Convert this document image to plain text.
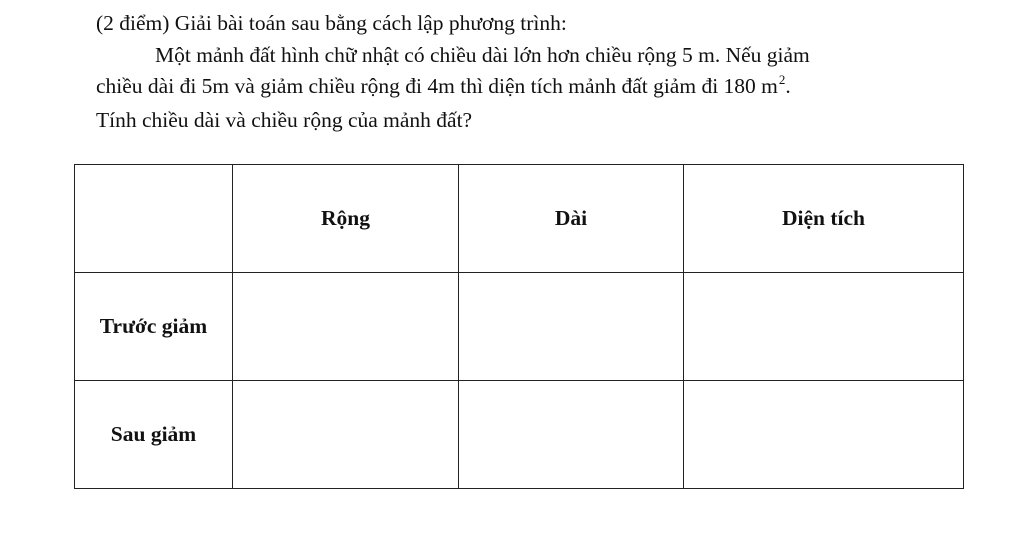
(2 điểm) Giải bài toán sau bằng cách lập phương trình:

Một mảnh đất hình chữ nhật có chiều dài lớn hơn chiều rộng 5 m. Nếu giảm

chiều dài đi 5m và giảm chiều rộng đi 4m thì diện tích mảnh đất giảm đi 180 $m^2$.

Tính chiều dài và chiều rộng của mảnh đất?

	Rộng	Dài	Diện tích
Trước giảm			
Sau giảm			
